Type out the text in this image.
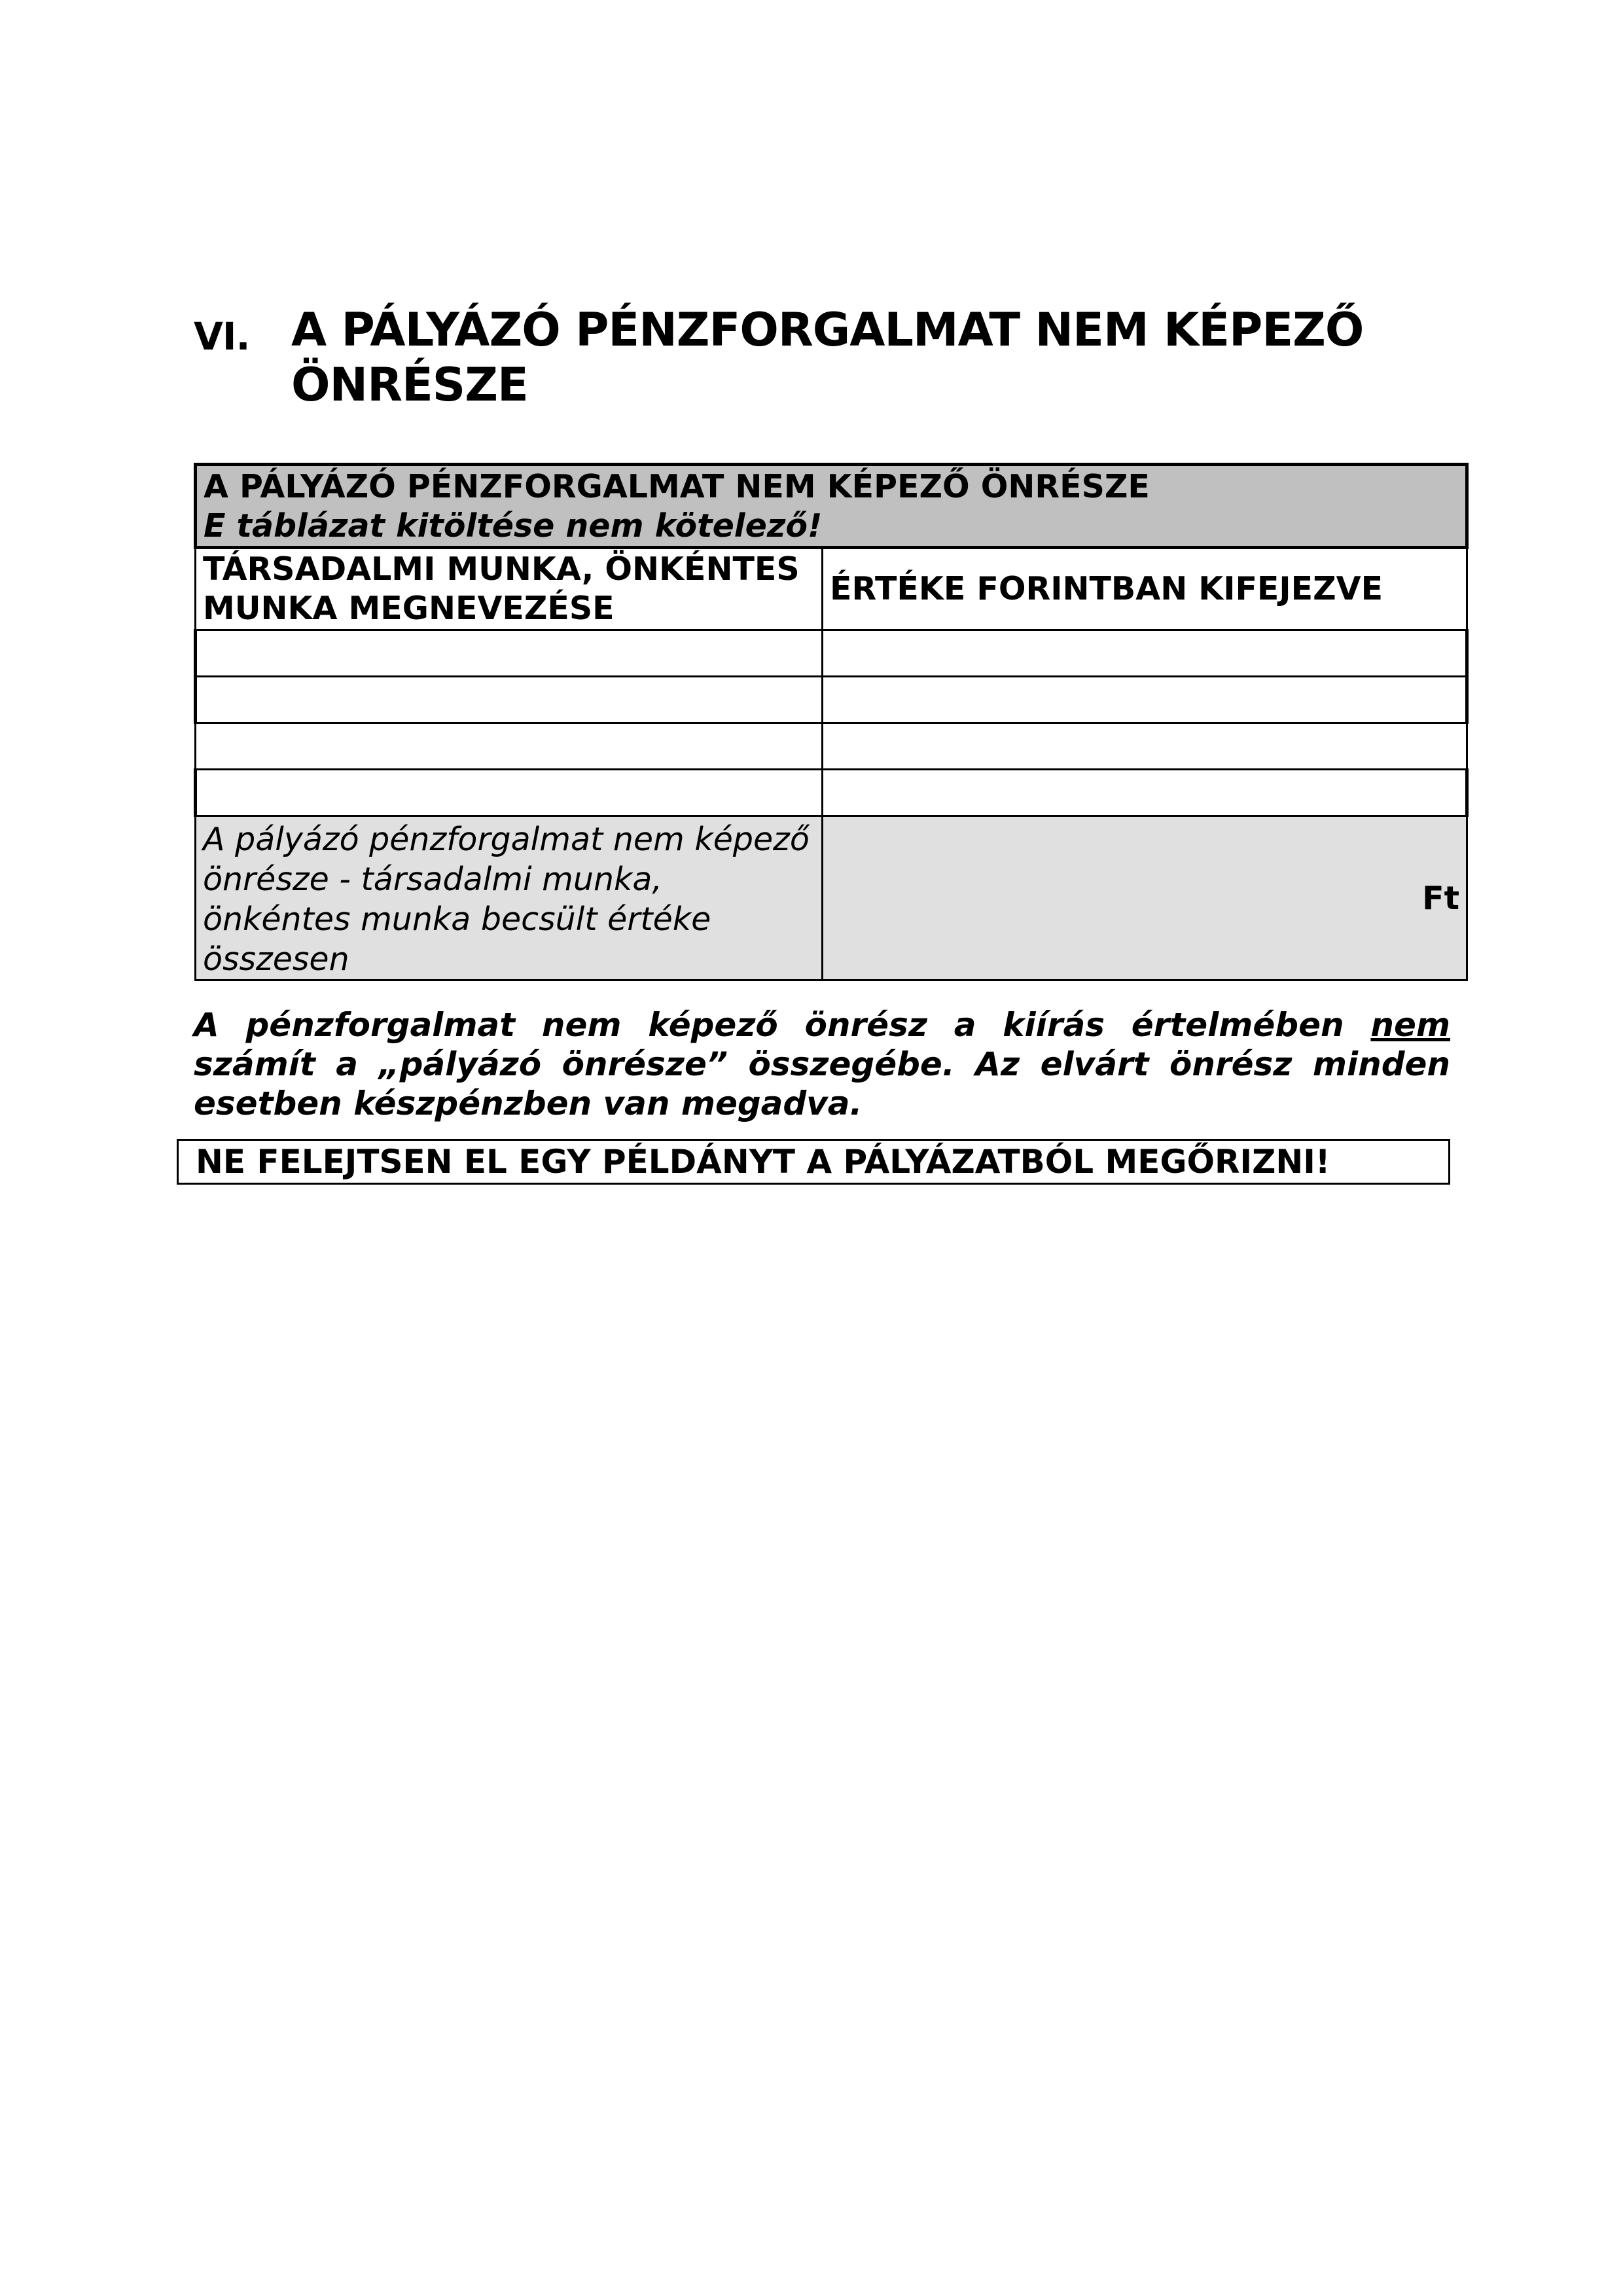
VI. A PÁLYÁZÓ PÉNZFORGALMAT NEM KÉPEZŐ
ÖNRÉSZE
A PÁLYÁZÓ PÉNZFORGALMAT NEM KÉPEZŐ ÖNRÉSZE
E táblázat kitöltése nem kötelező!	

TÁRSADALMI MUNKA, ÖNKÉNTES MUNKA MEGNEVEZÉSE	ÉRTÉKE FORINTBAN KIFEJEZVE

A pályázó pénzforgalmat nem képező önrésze - társadalmi munka, önkéntes munka becsült értéke összesen	Ft

A pénzforgalmat nem képező önrész a kiírás értelmében nem számít a „pályázó önrésze” összegébe. Az elvárt önrész minden esetben készpénzben van megadva.

NE FELEJTSEN EL EGY PÉLDÁNYT A PÁLYÁZATBÓL MEGŐRIZNI!
